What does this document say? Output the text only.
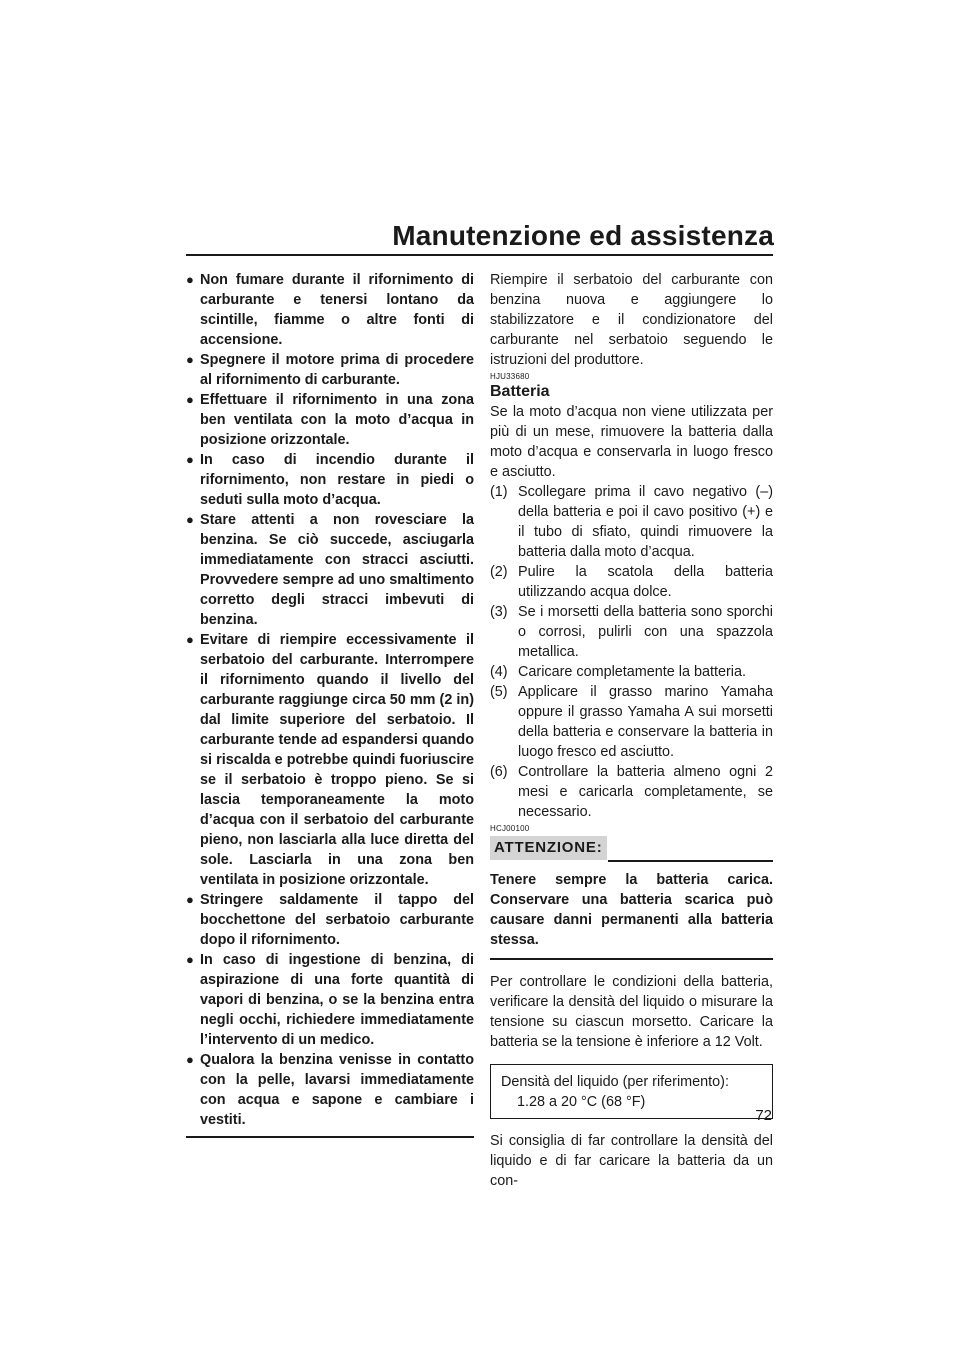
Manutenzione ed assistenza
● Non fumare durante il rifornimento di carburante e tenersi lontano da scintille, fiamme o altre fonti di accensione.
● Spegnere il motore prima di procedere al rifornimento di carburante.
● Effettuare il rifornimento in una zona ben ventilata con la moto d’acqua in posizione orizzontale.
● In caso di incendio durante il rifornimento, non restare in piedi o seduti sulla moto d’acqua.
● Stare attenti a non rovesciare la benzina. Se ciò succede, asciugarla immediatamente con stracci asciutti. Provvedere sempre ad uno smaltimento corretto degli stracci imbevuti di benzina.
● Evitare di riempire eccessivamente il serbatoio del carburante. Interrompere il rifornimento quando il livello del carburante raggiunge circa 50 mm (2 in) dal limite superiore del serbatoio. Il carburante tende ad espandersi quando si riscalda e potrebbe quindi fuoriuscire se il serbatoio è troppo pieno. Se si lascia temporaneamente la moto d’acqua con il serbatoio del carburante pieno, non lasciarla alla luce diretta del sole. Lasciarla in una zona ben ventilata in posizione orizzontale.
● Stringere saldamente il tappo del bocchettone del serbatoio carburante dopo il rifornimento.
● In caso di ingestione di benzina, di aspirazione di una forte quantità di vapori di benzina, o se la benzina entra negli occhi, richiedere immediatamente l’intervento di un medico.
● Qualora la benzina venisse in contatto con la pelle, lavarsi immediatamente con acqua e sapone e cambiare i vestiti.

Riempire il serbatoio del carburante con benzina nuova e aggiungere lo stabilizzatore e il condizionatore del carburante nel serbatoio seguendo le istruzioni del produttore.

HJU33680
Batteria

Se la moto d’acqua non viene utilizzata per più di un mese, rimuovere la batteria dalla moto d’acqua e conservarla in luogo fresco e asciutto.

(1) Scollegare prima il cavo negativo (–) della batteria e poi il cavo positivo (+) e il tubo di sfiato, quindi rimuovere la batteria dalla moto d’acqua.
(2) Pulire la scatola della batteria utilizzando acqua dolce.
(3) Se i morsetti della batteria sono sporchi o corrosi, pulirli con una spazzola metallica.
(4) Caricare completamente la batteria.
(5) Applicare il grasso marino Yamaha oppure il grasso Yamaha A sui morsetti della batteria e conservare la batteria in luogo fresco ed asciutto.
(6) Controllare la batteria almeno ogni 2 mesi e caricarla completamente, se necessario.
HCJ00100
ATTENZIONE:
Tenere sempre la batteria carica. Conservare una batteria scarica può causare danni permanenti alla batteria stessa.

Per controllare le condizioni della batteria, verificare la densità del liquido o misurare la tensione su ciascun morsetto. Caricare la batteria se la tensione è inferiore a 12 Volt.

Densità del liquido (per riferimento):
1.28 a 20 °C (68 °F)

Si consiglia di far controllare la densità del liquido e di far caricare la batteria da un con-

72
